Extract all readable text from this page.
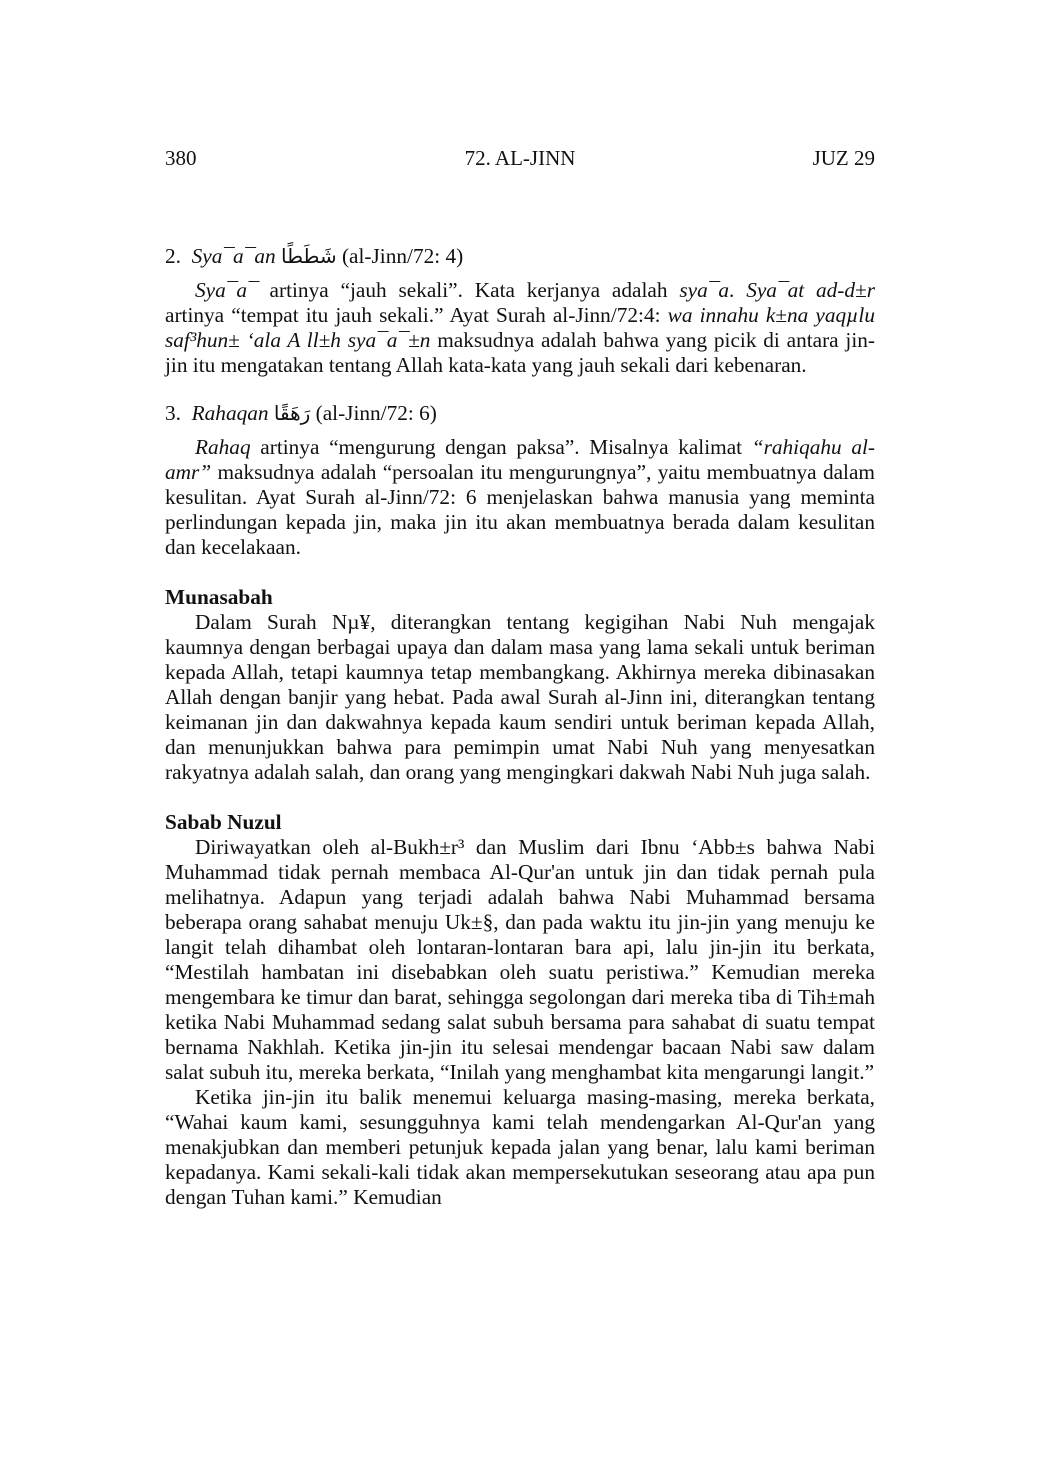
380	72. AL-JINN	JUZ 29
2. Sya¯a¯an شَطَطًا (al-Jinn/72: 4)

Sya¯a¯ artinya “jauh sekali”. Kata kerjanya adalah sya¯a. Sya¯at ad-d±r artinya “tempat itu jauh sekali.” Ayat Surah al-Jinn/72:4: wa innahu k±na yaqµlu saf³hun± ‘ala A ll±h sya¯a¯±n maksudnya adalah bahwa yang picik di antara jin-jin itu mengatakan tentang Allah kata-kata yang jauh sekali dari kebenaran.

3. Rahaqan رَهَقًا (al-Jinn/72: 6)

Rahaq artinya “mengurung dengan paksa”. Misalnya kalimat “rahiqahu al-amr” maksudnya adalah “persoalan itu mengurungnya”, yaitu membuatnya dalam kesulitan. Ayat Surah al-Jinn/72: 6 menjelaskan bahwa manusia yang meminta perlindungan kepada jin, maka jin itu akan membuatnya berada dalam kesulitan dan kecelakaan.

Munasabah

Dalam Surah Nµ¥, diterangkan tentang kegigihan Nabi Nuh mengajak kaumnya dengan berbagai upaya dan dalam masa yang lama sekali untuk beriman kepada Allah, tetapi kaumnya tetap membangkang. Akhirnya mereka dibinasakan Allah dengan banjir yang hebat. Pada awal Surah al-Jinn ini, diterangkan tentang keimanan jin dan dakwahnya kepada kaum sendiri untuk beriman kepada Allah, dan menunjukkan bahwa para pemimpin umat Nabi Nuh yang menyesatkan rakyatnya adalah salah, dan orang yang mengingkari dakwah Nabi Nuh juga salah.

Sabab Nuzul

Diriwayatkan oleh al-Bukh±r³ dan Muslim dari Ibnu ‘Abb±s bahwa Nabi Muhammad tidak pernah membaca Al-Qur'an untuk jin dan tidak pernah pula melihatnya. Adapun yang terjadi adalah bahwa Nabi Muhammad bersama beberapa orang sahabat menuju Uk±§, dan pada waktu itu jin-jin yang menuju ke langit telah dihambat oleh lontaran-lontaran bara api, lalu jin-jin itu berkata, “Mestilah hambatan ini disebabkan oleh suatu peristiwa.” Kemudian mereka mengembara ke timur dan barat, sehingga segolongan dari mereka tiba di Tih±mah ketika Nabi Muhammad sedang salat subuh bersama para sahabat di suatu tempat bernama Nakhlah. Ketika jin-jin itu selesai mendengar bacaan Nabi saw dalam salat subuh itu, mereka berkata, “Inilah yang menghambat kita mengarungi langit.”

Ketika jin-jin itu balik menemui keluarga masing-masing, mereka berkata, “Wahai kaum kami, sesungguhnya kami telah mendengarkan Al-Qur'an yang menakjubkan dan memberi petunjuk kepada jalan yang benar, lalu kami beriman kepadanya. Kami sekali-kali tidak akan mempersekutukan seseorang atau apa pun dengan Tuhan kami.” Kemudian
